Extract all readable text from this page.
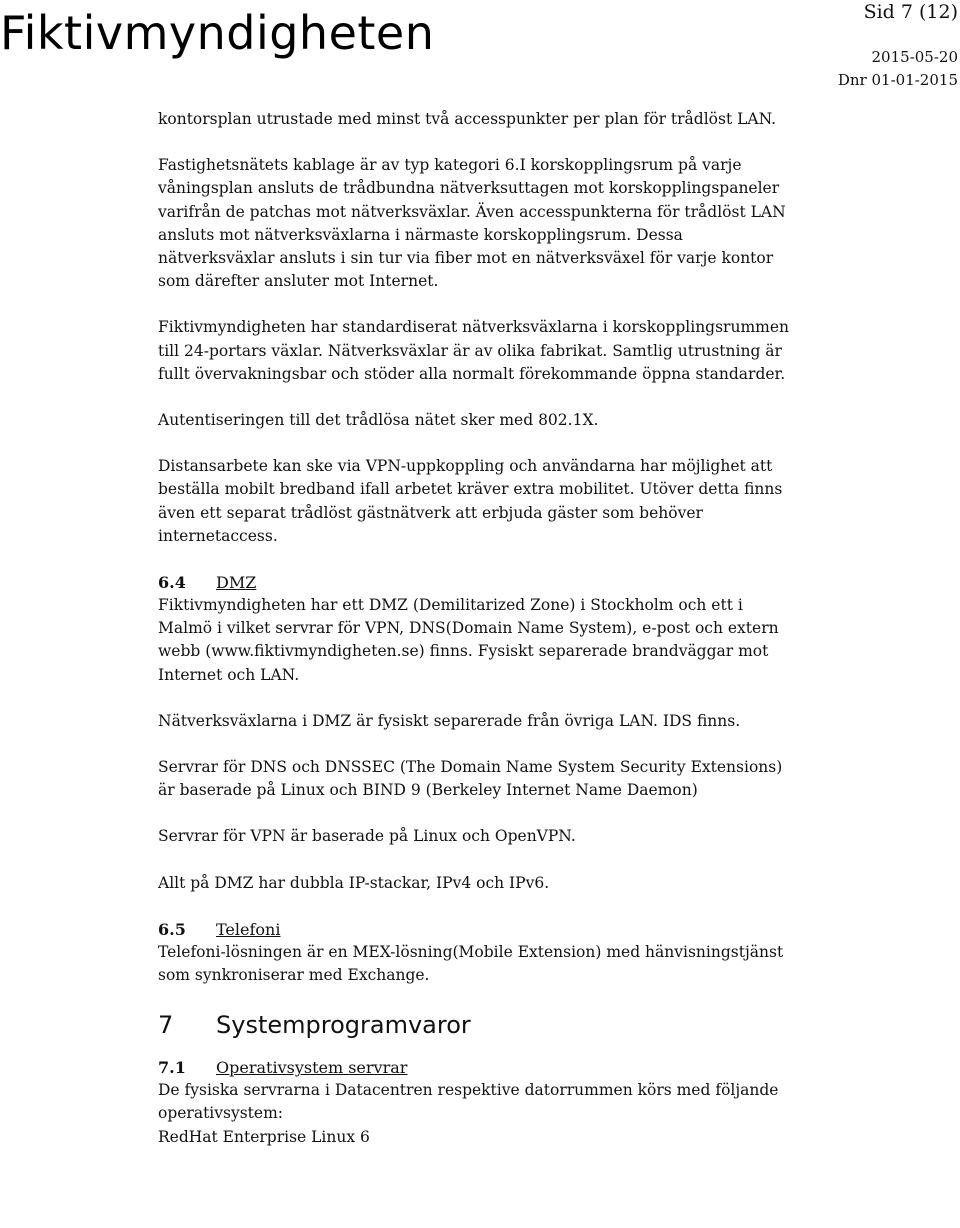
Fiktivmyndigheten	Sid 7 (12)
2015-05-20
Dnr 01-01-2015

kontorsplan utrustade med minst två accesspunkter per plan för trådlöst LAN.

Fastighetsnätets kablage är av typ kategori 6.I korskopplingsrum på varje våningsplan ansluts de trådbundna nätverksuttagen mot korskopplingspaneler varifrån de patchas mot nätverksväxlar. Även accesspunkterna för trådlöst LAN ansluts mot nätverksväxlarna i närmaste korskopplingsrum. Dessa nätverksväxlar ansluts i sin tur via fiber mot en nätverksväxel för varje kontor som därefter ansluter mot Internet.

Fiktivmyndigheten har standardiserat nätverksväxlarna i korskopplingsrummen till 24-portars växlar. Nätverksväxlar är av olika fabrikat. Samtlig utrustning är fullt övervakningsbar och stöder alla normalt förekommande öppna standarder.

Autentiseringen till det trådlösa nätet sker med 802.1X.

Distansarbete kan ske via VPN-uppkoppling och användarna har möjlighet att beställa mobilt bredband ifall arbetet kräver extra mobilitet. Utöver detta finns även ett separat trådlöst gästnätverk att erbjuda gäster som behöver internetaccess.

6.4	DMZ

Fiktivmyndigheten har ett DMZ (Demilitarized Zone) i Stockholm och ett i Malmö i vilket servrar för VPN, DNS(Domain Name System), e-post och extern webb (www.fiktivmyndigheten.se) finns. Fysiskt separerade brandväggar mot Internet och LAN.

Nätverksväxlarna i DMZ är fysiskt separerade från övriga LAN. IDS finns.

Servrar för DNS och DNSSEC (The Domain Name System Security Extensions) är baserade på Linux och BIND 9 (Berkeley Internet Name Daemon)

Servrar för VPN är baserade på Linux och OpenVPN.

Allt på DMZ har dubbla IP-stackar, IPv4 och IPv6.

6.5	Telefoni

Telefoni-lösningen är en MEX-lösning(Mobile Extension) med hänvisningstjänst som synkroniserar med Exchange.

7	Systemprogramvaror
7.1	Operativsystem servrar

De fysiska servrarna i Datacentren respektive datorrummen körs med följande operativsystem:

RedHat Enterprise Linux 6
